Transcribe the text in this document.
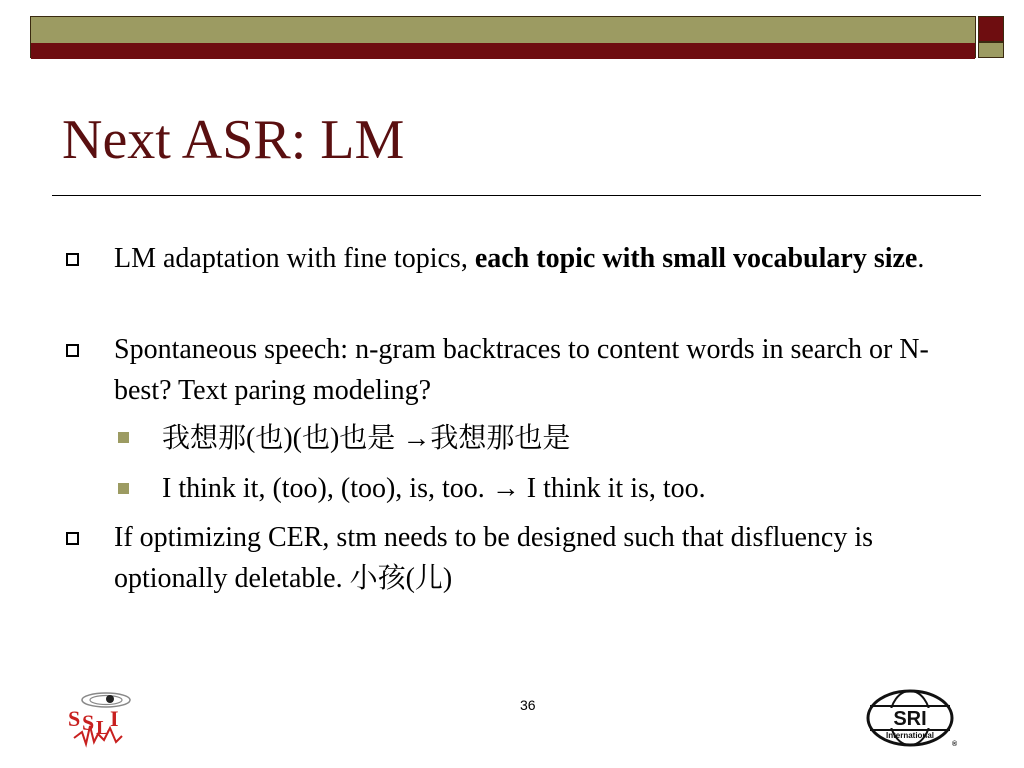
Next ASR: LM
LM adaptation with fine topics, each topic with small vocabulary size.
Spontaneous speech: n-gram backtraces to content words in search or N-best? Text paring modeling?
我想那(也)(也)也是 →我想那也是
I think it, (too), (too), is, too. → I think it is, too.
If optimizing CER, stm needs to be designed such that disfluency is optionally deletable. 小孩(儿)
36
S S L I	SRI
International
®
